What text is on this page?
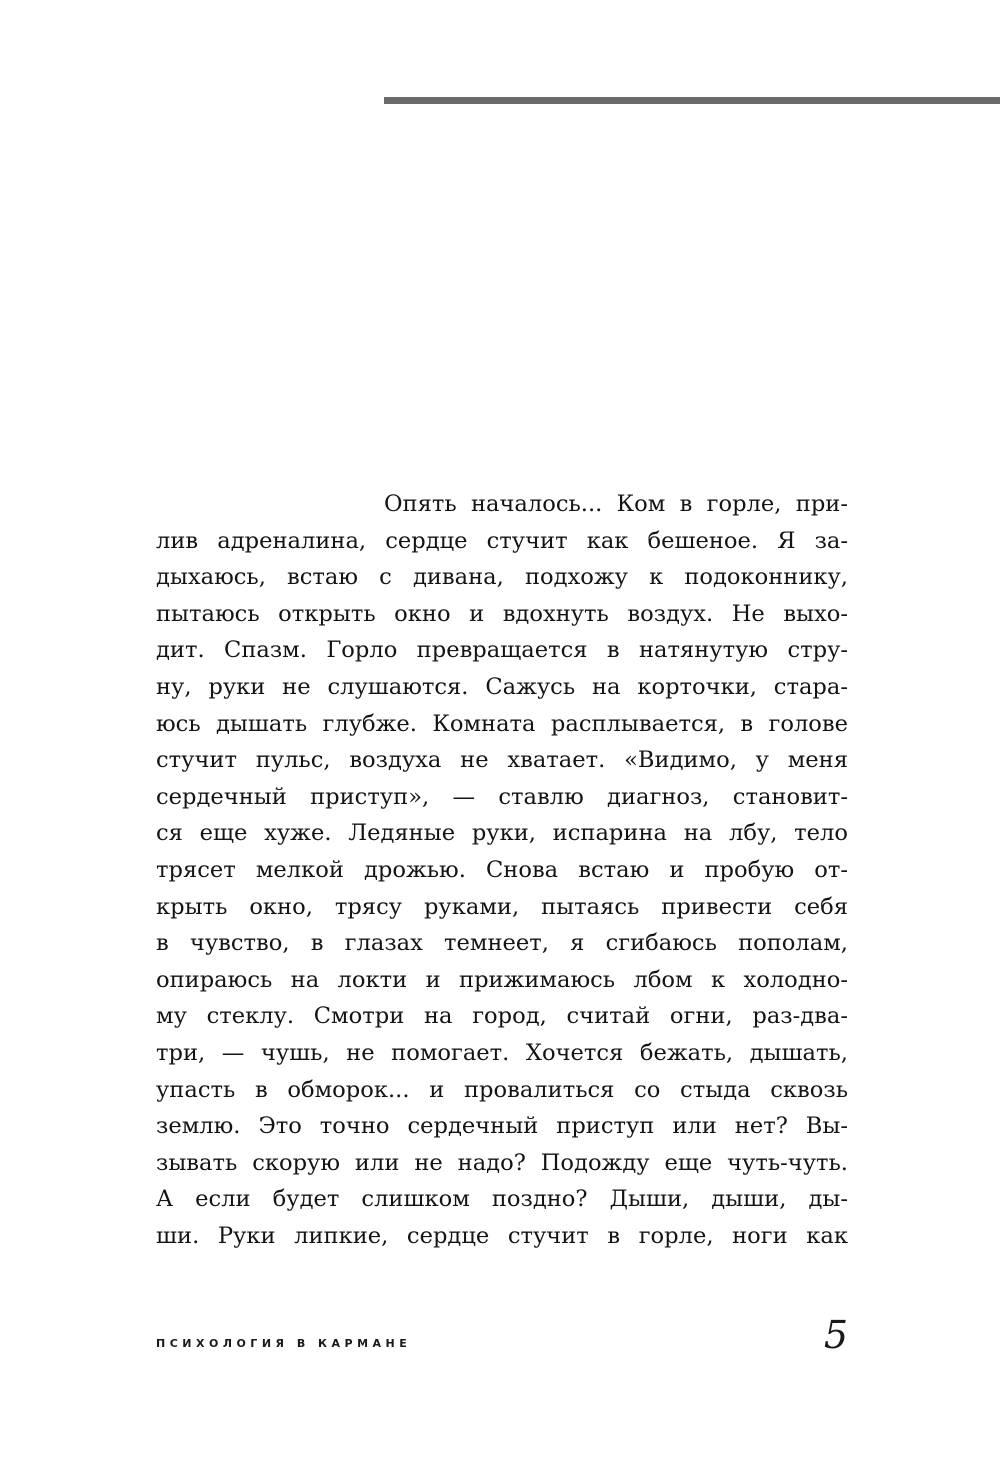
Опять началось... Ком в горле, при-
лив адреналина, сердце стучит как бешеное. Я за-
дыхаюсь, встаю с дивана, подхожу к подоконнику,
пытаюсь открыть окно и вдохнуть воздух. Не выхо-
дит. Спазм. Горло превращается в натянутую стру-
ну, руки не слушаются. Сажусь на корточки, стара-
юсь дышать глубже. Комната расплывается, в голове
стучит пульс, воздуха не хватает. «Видимо, у меня
сердечный приступ», — ставлю диагноз, становит-
ся еще хуже. Ледяные руки, испарина на лбу, тело
трясет мелкой дрожью. Снова встаю и пробую от-
крыть окно, трясу руками, пытаясь привести себя
в чувство, в глазах темнеет, я сгибаюсь пополам,
опираюсь на локти и прижимаюсь лбом к холодно-
му стеклу. Смотри на город, считай огни, раз-два-
три, — чушь, не помогает. Хочется бежать, дышать,
упасть в обморок... и провалиться со стыда сквозь
землю. Это точно сердечный приступ или нет? Вы-
зывать скорую или не надо? Подожду еще чуть-чуть.
А если будет слишком поздно? Дыши, дыши, ды-
ши. Руки липкие, сердце стучит в горле, ноги как
ПСИХОЛОГИЯ В КАРМАНЕ	5
